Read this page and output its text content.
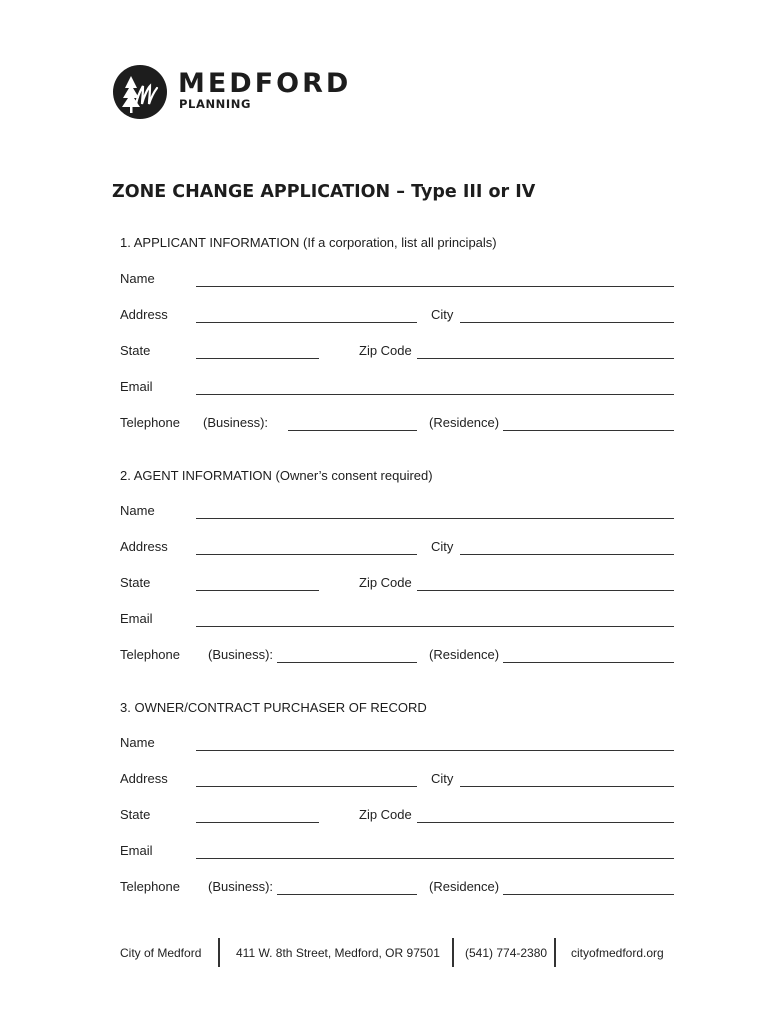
MEDFORD
PLANNING
ZONE CHANGE APPLICATION – Type III or IV
1. APPLICANT INFORMATION (If a corporation, list all principals)
Name
Address	City
State	Zip Code
Email
Telephone (Business):	(Residence)
2. AGENT INFORMATION (Owner’s consent required)
Name
Address	City
State	Zip Code
Email
Telephone (Business):	(Residence)
3. OWNER/CONTRACT PURCHASER OF RECORD
Name
Address	City
State	Zip Code
Email
Telephone (Business):	(Residence)
City of Medford	411 W. 8th Street, Medford, OR 97501 (541) 774-2380 cityofmedford.org
